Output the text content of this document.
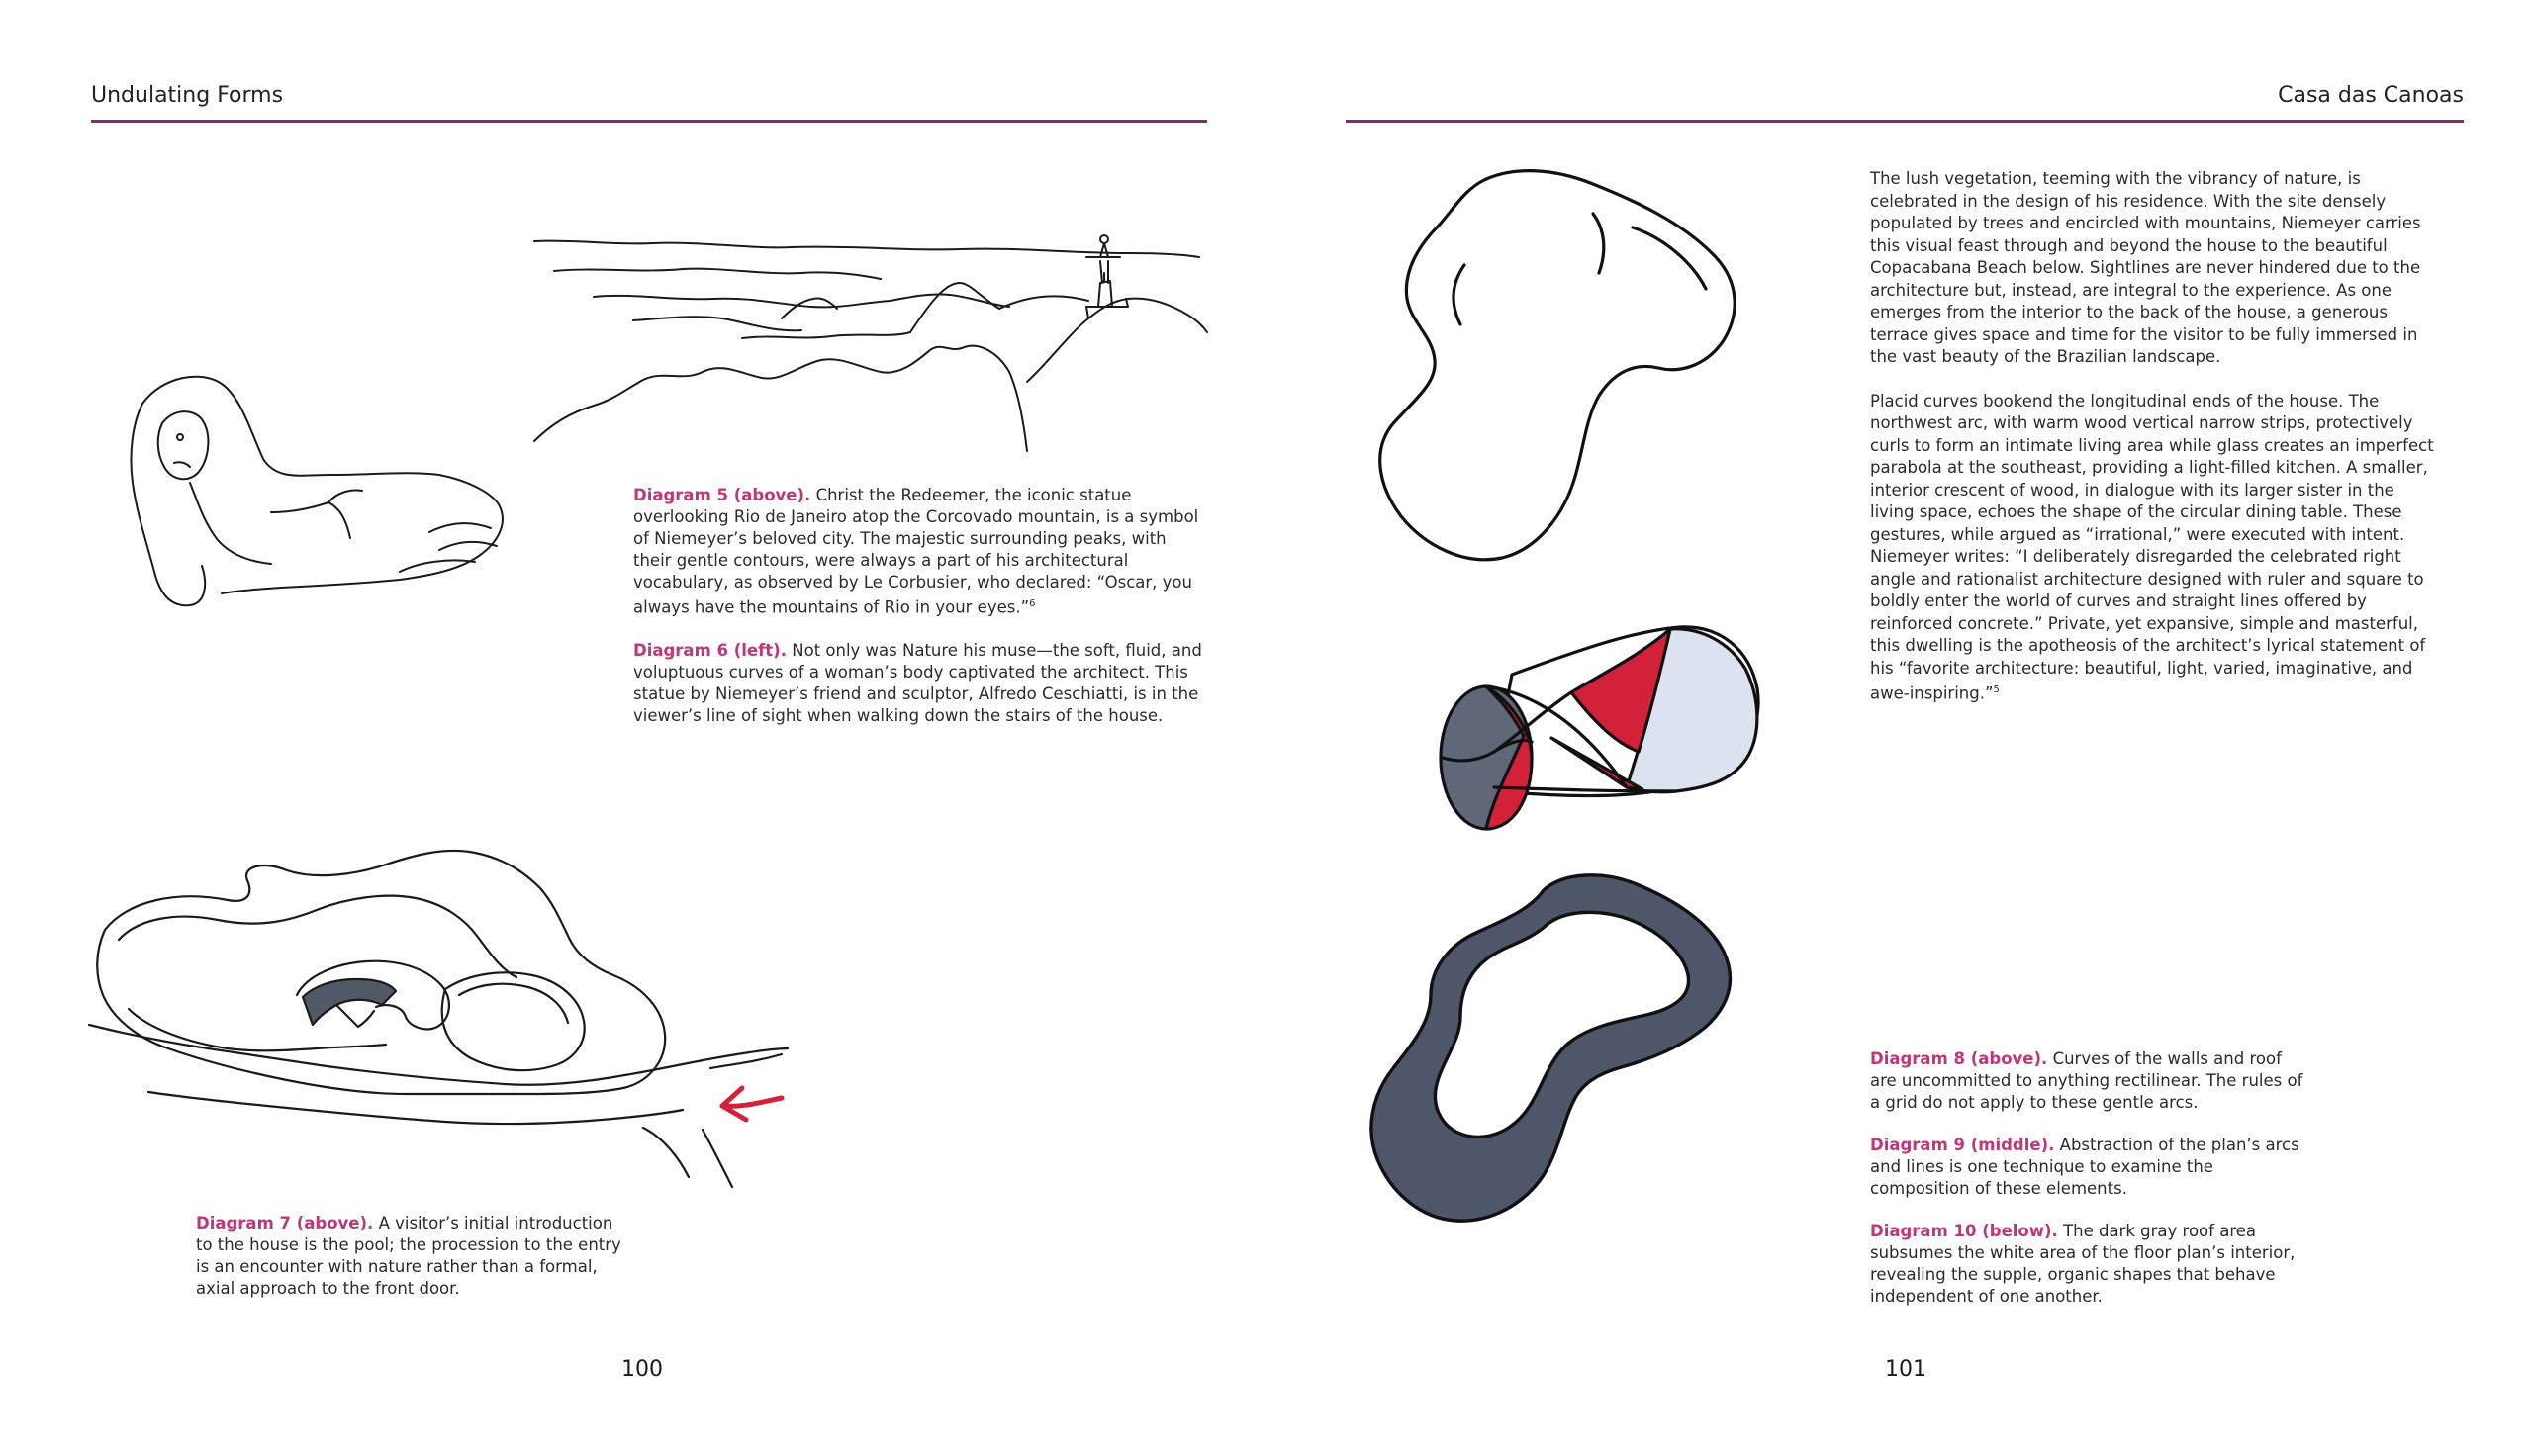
Undulating Forms

Diagram 5 (above). Christ the Redeemer, the iconic statue overlooking Rio de Janeiro atop the Corcovado mountain, is a symbol of Niemeyer’s beloved city. The majestic surrounding peaks, with their gentle contours, were always a part of his architectural vocabulary, as observed by Le Corbusier, who declared: “Oscar, you always have the mountains of Rio in your eyes.”$^6$

Diagram 6 (left). Not only was Nature his muse—the soft, fluid, and voluptuous curves of a woman’s body captivated the architect. This statue by Niemeyer’s friend and sculptor, Alfredo Ceschiatti, is in the viewer’s line of sight when walking down the stairs of the house.

Diagram 7 (above). A visitor’s initial introduction to the house is the pool; the procession to the entry is an encounter with nature rather than a formal, axial approach to the front door.

100
Casa das Canoas

The lush vegetation, teeming with the vibrancy of nature, is celebrated in the design of his residence. With the site densely populated by trees and encircled with mountains, Niemeyer carries this visual feast through and beyond the house to the beautiful Copacabana Beach below. Sightlines are never hindered due to the architecture but, instead, are integral to the experience. As one emerges from the interior to the back of the house, a generous terrace gives space and time for the visitor to be fully immersed in the vast beauty of the Brazilian landscape.

Placid curves bookend the longitudinal ends of the house. The northwest arc, with warm wood vertical narrow strips, protectively curls to form an intimate living area while glass creates an imperfect parabola at the southeast, providing a light-filled kitchen. A smaller, interior crescent of wood, in dialogue with its larger sister in the living space, echoes the shape of the circular dining table. These gestures, while argued as “irrational,” were executed with intent. Niemeyer writes: “I deliberately disregarded the celebrated right angle and rationalist architecture designed with ruler and square to boldly enter the world of curves and straight lines offered by reinforced concrete.” Private, yet expansive, simple and masterful, this dwelling is the apotheosis of the architect’s lyrical statement of his “favorite architecture: beautiful, light, varied, imaginative, and awe-inspiring.”$^5$

Diagram 8 (above). Curves of the walls and roof are uncommitted to anything rectilinear. The rules of a grid do not apply to these gentle arcs.

Diagram 9 (middle). Abstraction of the plan’s arcs and lines is one technique to examine the composition of these elements.

Diagram 10 (below). The dark gray roof area subsumes the white area of the floor plan’s interior, revealing the supple, organic shapes that behave independent of one another.

101
